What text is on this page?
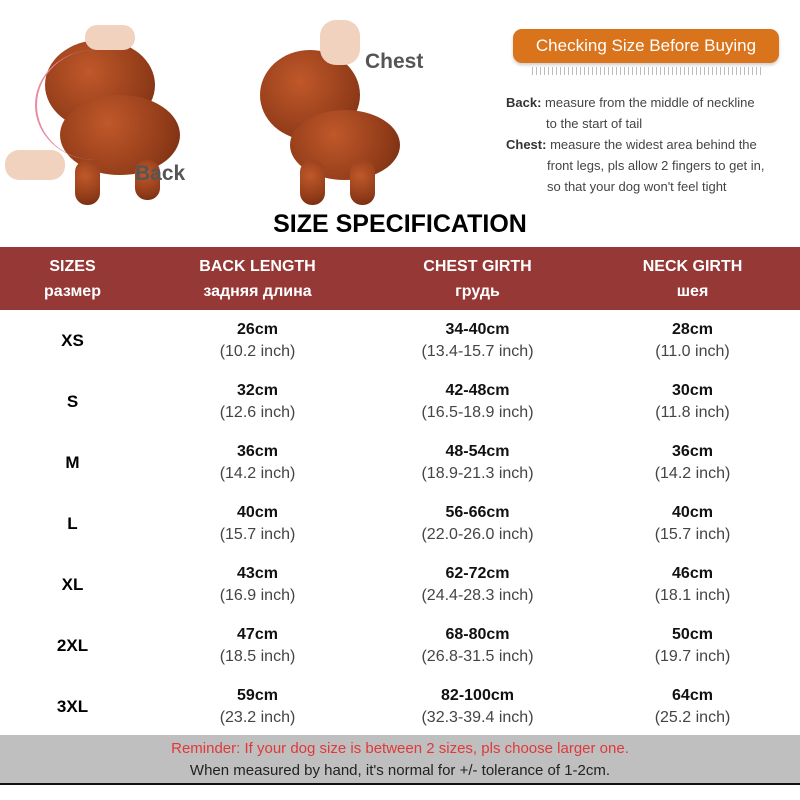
Back
Chest
Checking Size Before Buying
Back: measure from the middle of neckline
to the start of tail
Chest: measure the widest area behind the
front legs, pls allow 2 fingers to get in,
so that your dog won't feel tight
SIZE SPECIFICATION
SIZES
размер
BACK LENGTH
задняя длина
CHEST GIRTH
грудь
NECK GIRTH
шея
XS
26cm
(10.2 inch)
34-40cm
(13.4-15.7 inch)
28cm
(11.0 inch)
S
32cm
(12.6 inch)
42-48cm
(16.5-18.9 inch)
30cm
(11.8 inch)
M
36cm
(14.2 inch)
48-54cm
(18.9-21.3 inch)
36cm
(14.2 inch)
L
40cm
(15.7 inch)
56-66cm
(22.0-26.0 inch)
40cm
(15.7 inch)
XL
43cm
(16.9 inch)
62-72cm
(24.4-28.3 inch)
46cm
(18.1 inch)
2XL
47cm
(18.5 inch)
68-80cm
(26.8-31.5 inch)
50cm
(19.7 inch)
3XL
59cm
(23.2 inch)
82-100cm
(32.3-39.4 inch)
64cm
(25.2 inch)
Reminder: If your dog size is between 2 sizes, pls choose larger one.
When measured by hand, it's normal for +/- tolerance of 1-2cm.
